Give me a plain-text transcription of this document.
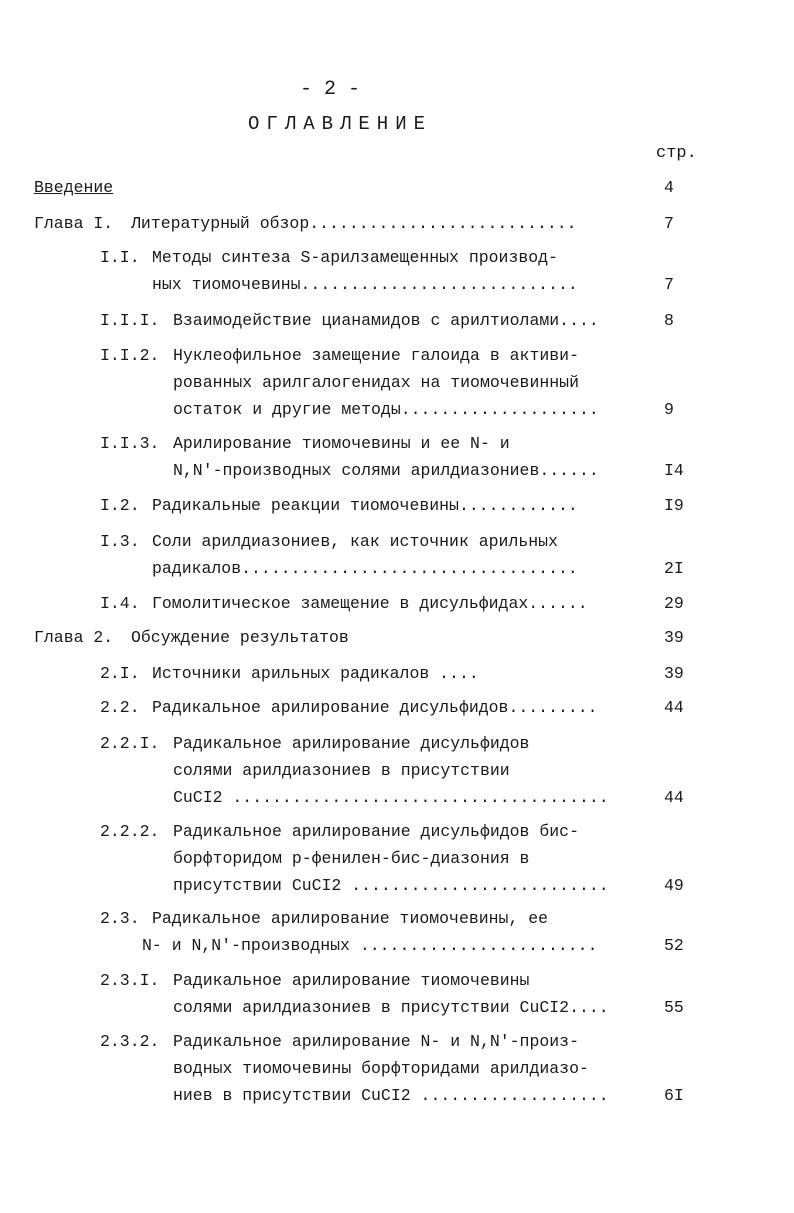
- 2 -
ОГЛАВЛЕНИЕ
стр.
Введение	4
Глава I. Литературный обзор...........................	7
I.I. Методы синтеза S-арилзамещенных производ-
ных тиомочевины............................	7
I.I.I. Взаимодействие цианамидов с арилтиолами....	8
I.I.2. Нуклеофильное замещение галоида в активи-
рованных арилгалогенидах на тиомочевинный
остаток и другие методы....................	9
I.I.3. Арилирование тиомочевины и ее N- и
N,N'-производных солями арилдиазониев......	I4
I.2. Радикальные реакции тиомочевины............	I9
I.3. Соли арилдиазониев, как источник арильных
радикалов..................................	2I
I.4. Гомолитическое замещение в дисульфидах......	29
Глава 2. Обсуждение результатов	39
2.I. Источники арильных радикалов ....	39
2.2. Радикальное арилирование дисульфидов.........	44
2.2.I. Радикальное арилирование дисульфидов
солями арилдиазониев в присутствии
CuCI2 ......................................	44
2.2.2. Радикальное арилирование дисульфидов бис-
борфторидом р-фенилен-бис-диазония в
присутствии CuCI2 ..........................	49
2.3. Радикальное арилирование тиомочевины, ее
N- и N,N'-производных ........................	52
2.3.I. Радикальное арилирование тиомочевины
солями арилдиазониев в присутствии CuCI2....	55
2.3.2. Радикальное арилирование N- и N,N'-произ-
водных тиомочевины борфторидами арилдиазо-
ниев в присутствии CuCI2 ...................	6I
